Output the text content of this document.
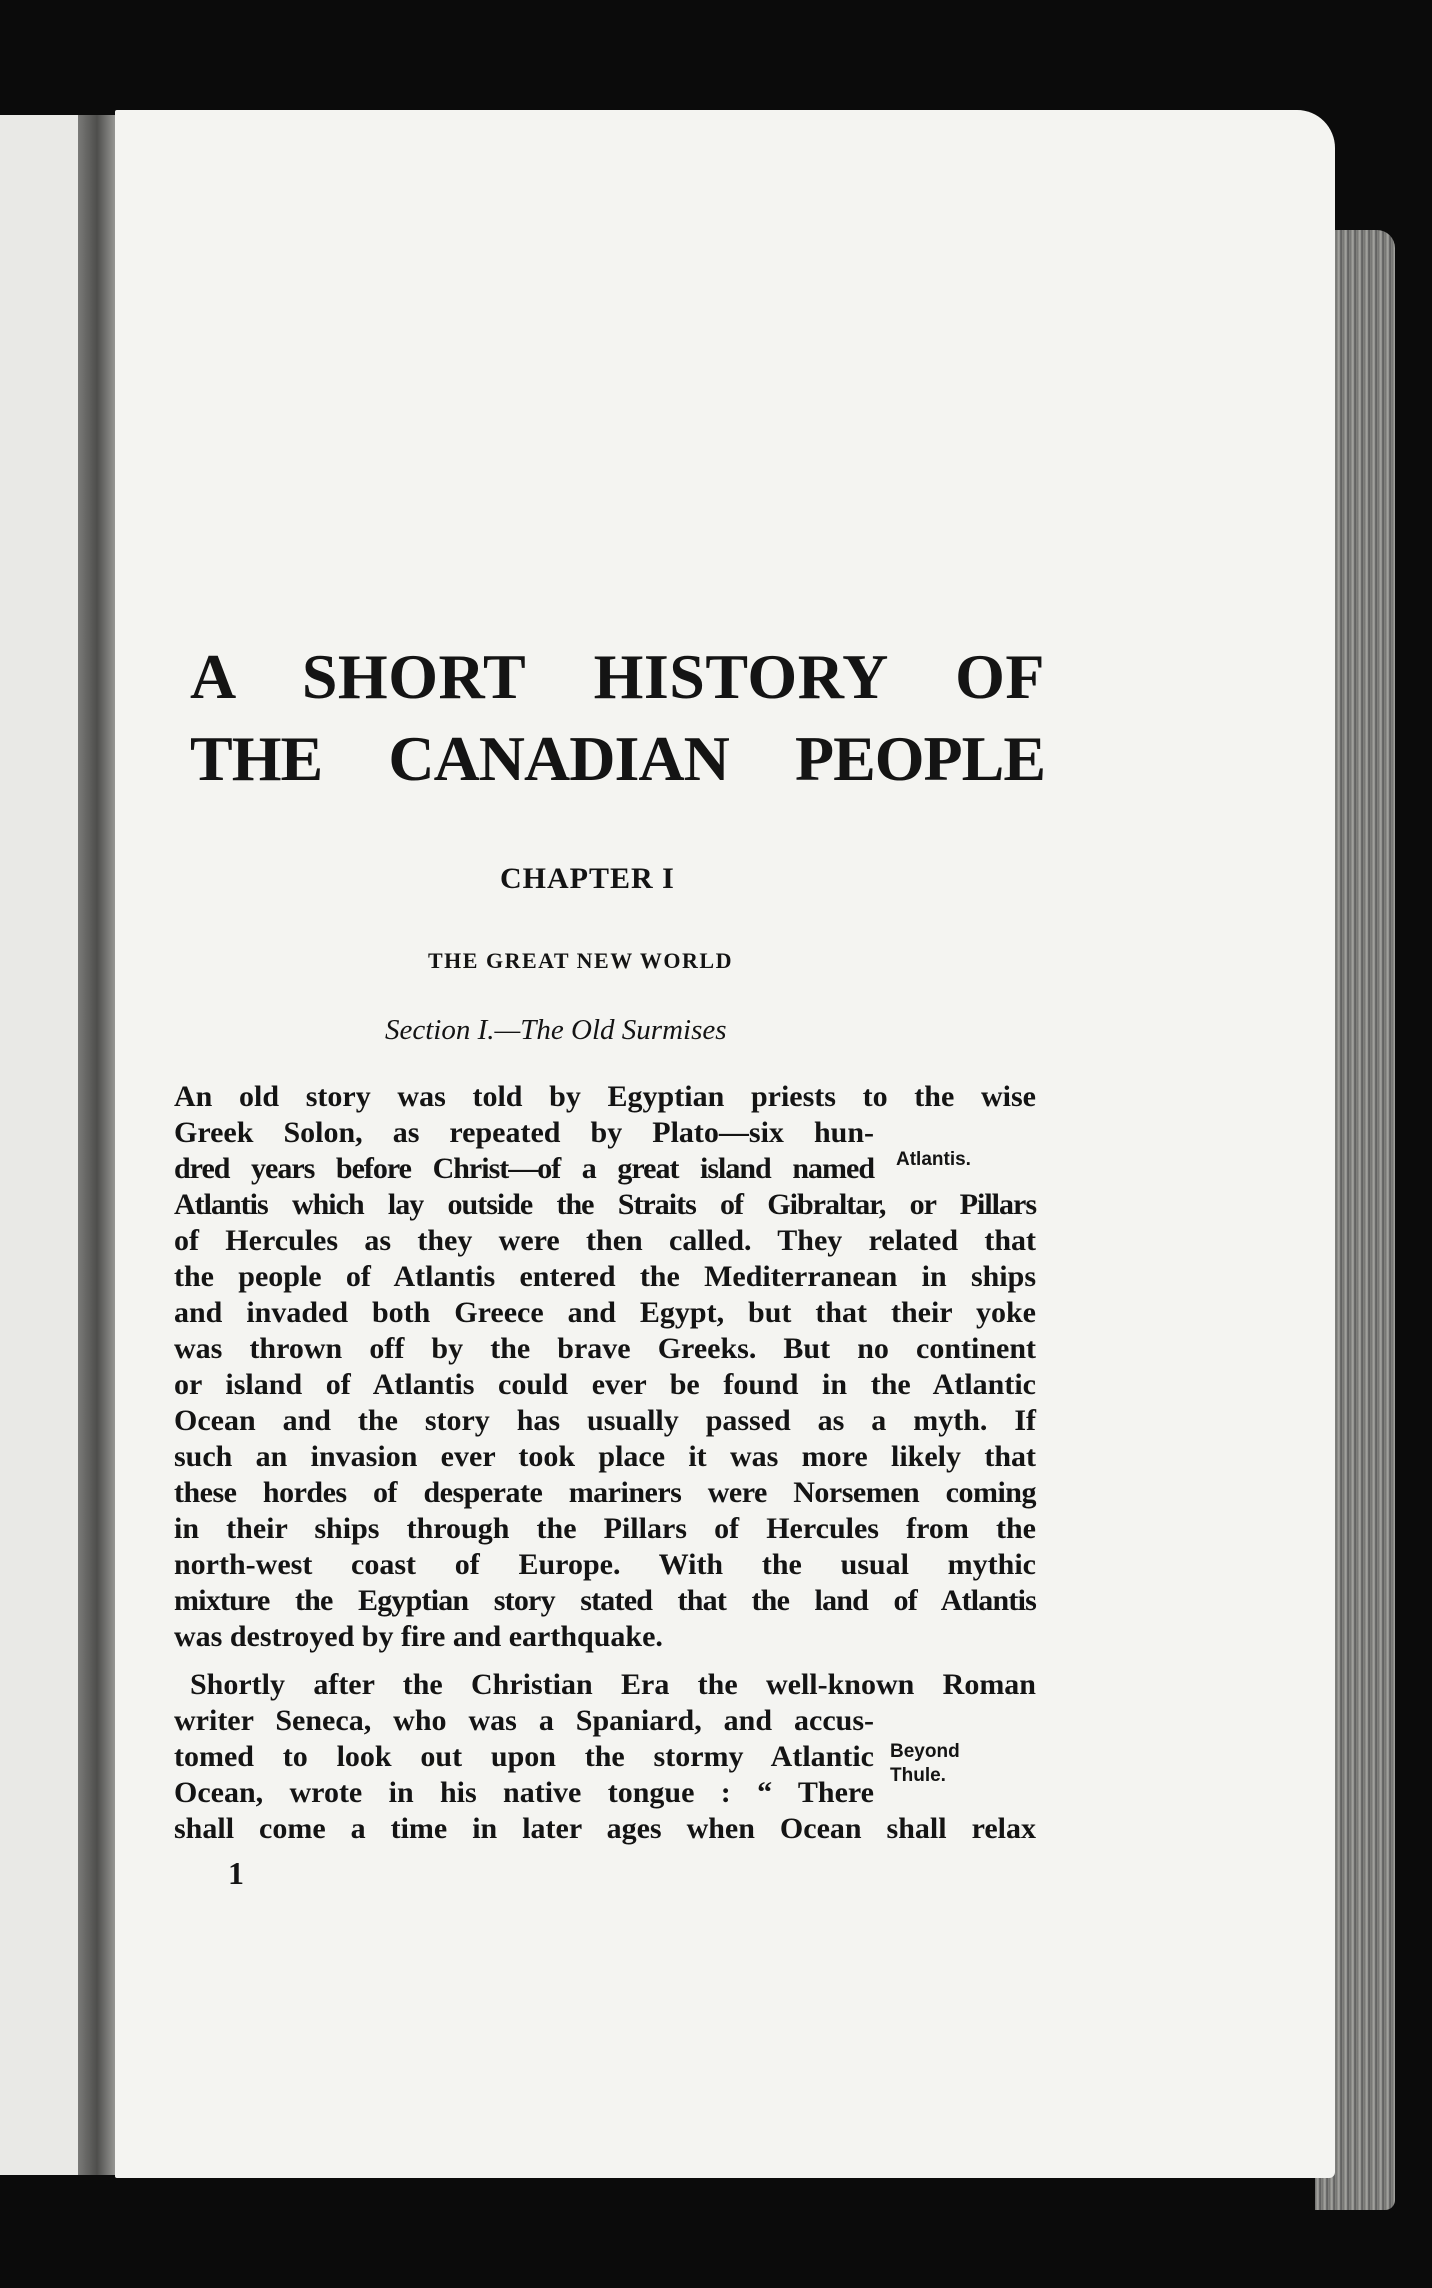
A SHORT HISTORY OF
THE CANADIAN PEOPLE
CHAPTER I
THE GREAT NEW WORLD
Section I.—The Old Surmises
An old story was told by Egyptian priests to the wise
Greek Solon, as repeated by Plato—six hun-
dred years before Christ—of a great island named
Atlantis which lay outside the Straits of Gibraltar, or Pillars
of Hercules as they were then called. They related that
the people of Atlantis entered the Mediterranean in ships
and invaded both Greece and Egypt, but that their yoke
was thrown off by the brave Greeks. But no continent
or island of Atlantis could ever be found in the Atlantic
Ocean and the story has usually passed as a myth. If
such an invasion ever took place it was more likely that
these hordes of desperate mariners were Norsemen coming
in their ships through the Pillars of Hercules from the
north-west coast of Europe. With the usual mythic
mixture the Egyptian story stated that the land of Atlantis
was destroyed by fire and earthquake.
Shortly after the Christian Era the well-known Roman
writer Seneca, who was a Spaniard, and accus-
tomed to look out upon the stormy Atlantic
Ocean, wrote in his native tongue : “ There
shall come a time in later ages when Ocean shall relax
Atlantis.
Beyond
Thule.
1
